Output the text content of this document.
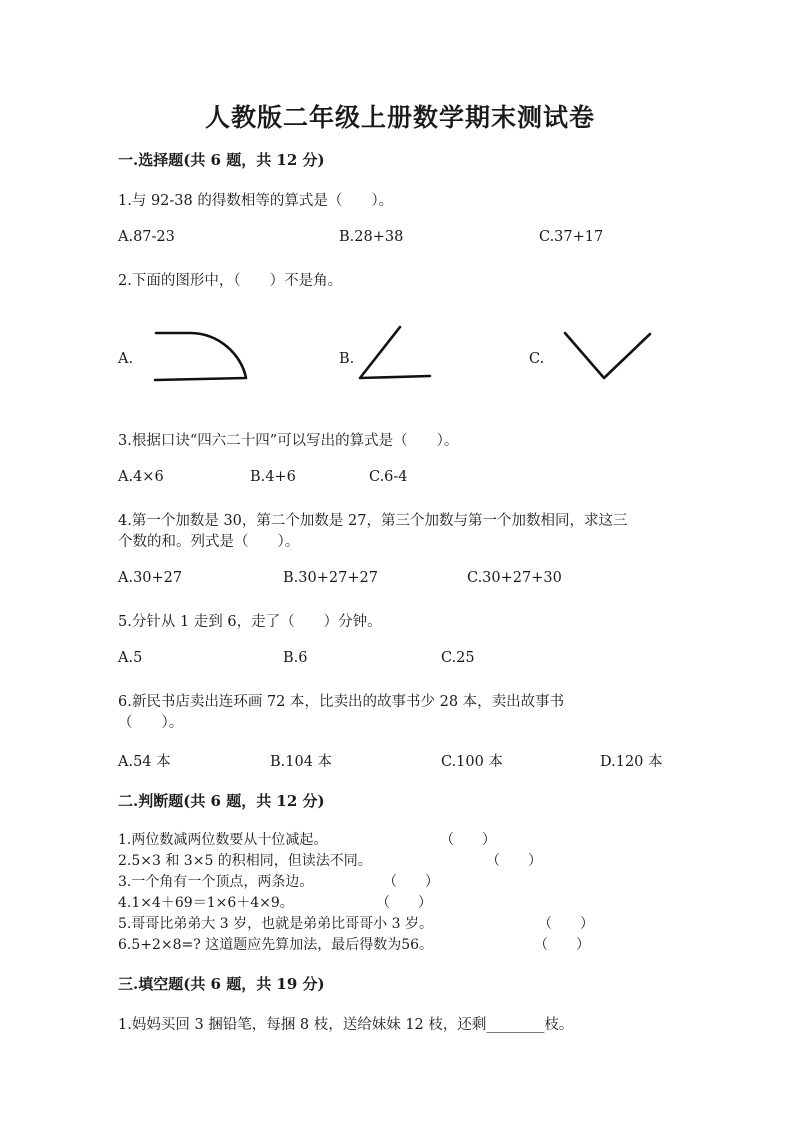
人教版二年级上册数学期末测试卷
一.选择题(共 6 题，共 12 分)
1.与 92-38 的得数相等的算式是（　　）。
A.87-23	B.28+38	C.37+17
2.下面的图形中，（　　）不是角。
A.	B.	C.
3.根据口诀“四六二十四”可以写出的算式是（　　）。
A.4×6	B.4+6	C.6-4
4.第一个加数是 30，第二个加数是 27，第三个加数与第一个加数相同，求这三
个数的和。列式是（　　）。
A.30+27	B.30+27+27	C.30+27+30
5.分针从 1 走到 6，走了（　　）分钟。
A.5	B.6	C.25
6.新民书店卖出连环画 72 本，比卖出的故事书少 28 本，卖出故事书
（　　）。
A.54 本	B.104 本	C.100 本	D.120 本
二.判断题(共 6 题，共 12 分)
1.两位数减两位数要从十位减起。	（　　）
2.5×3 和 3×5 的积相同，但读法不同。	（　　）
3.一个角有一个顶点，两条边。	（　　）
4.1×4＋69＝1×6＋4×9。	（　　）
5.哥哥比弟弟大 3 岁，也就是弟弟比哥哥小 3 岁。	（　　）
6.5+2×8=? 这道题应先算加法，最后得数为56。	（　　）
三.填空题(共 6 题，共 19 分)
1.妈妈买回 3 捆铅笔，每捆 8 枝，送给妹妹 12 枝，还剩________枝。
